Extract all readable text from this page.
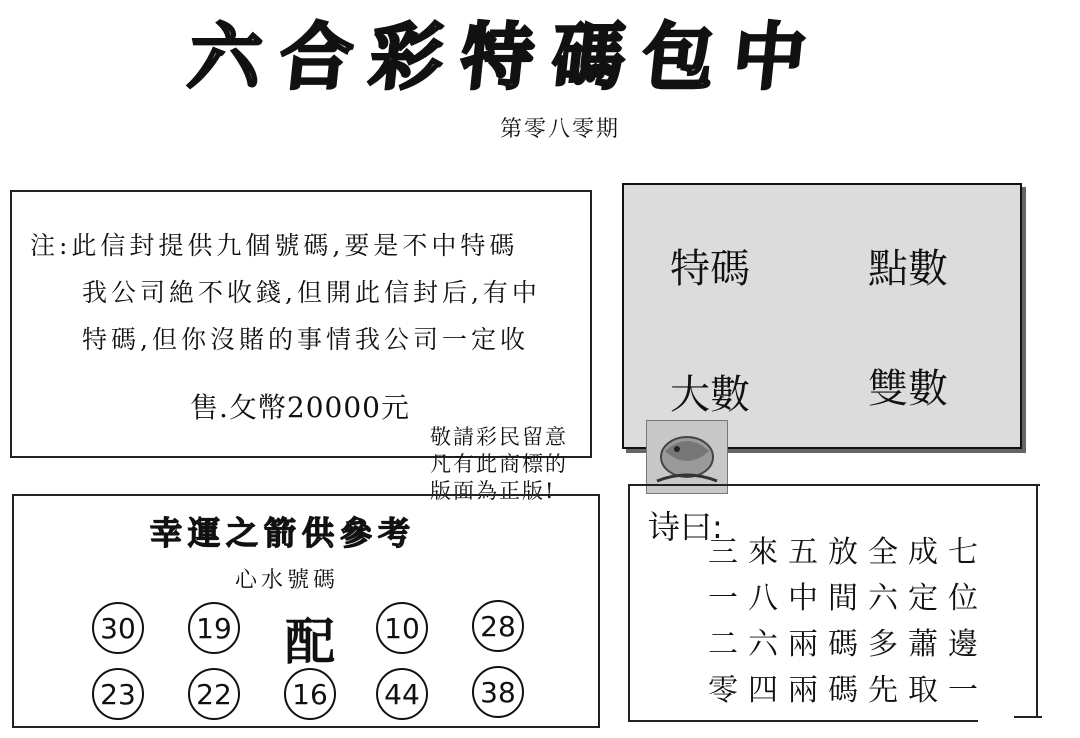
六 合 彩 特 碼 包 中
第零八零期
注:此信封提供九個號碼,要是不中特碼
我公司絶不收錢,但開此信封后,有中
特碼,但你沒賭的事情我公司一定收
售.⺙幣20000元
特碼	點數
大數	雙數
敬請彩民留意
凡有此商標的
版面為正版!
幸運之箭供參考
心水號碼
30 19 配 10 28
23 22 16 44 38
诗曰:
三來五放全成七
一八中間六定位
二六兩碼多蕭邊
零四兩碼先取一
